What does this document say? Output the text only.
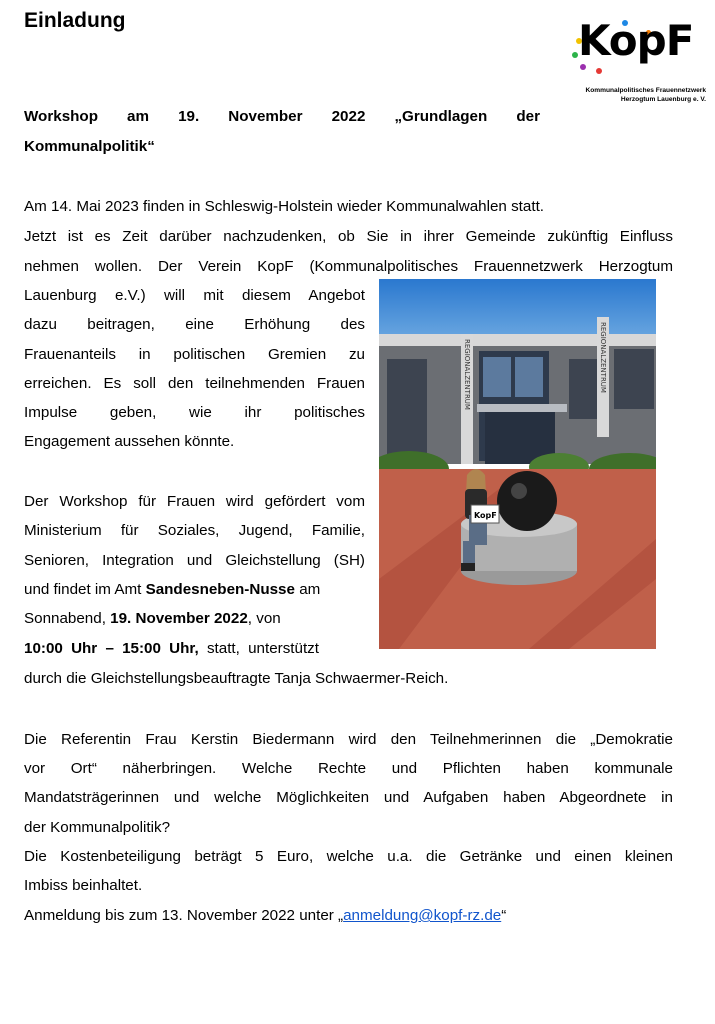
Einladung	KopF
Kommunalpolitisches Frauennetzwerk
Herzogtum Lauenburg e. V.
Workshop am 19. November 2022 „Grundlagen der
Kommunalpolitik“
Am 14. Mai 2023 finden in Schleswig-Holstein wieder Kommunalwahlen statt.
Jetzt ist es Zeit darüber nachzudenken, ob Sie in ihrer Gemeinde zukünftig Einfluss
nehmen wollen. Der Verein KopF (Kommunalpolitisches Frauennetzwerk Herzogtum
Lauenburg e.V.) will mit diesem Angebot
dazu beitragen, eine Erhöhung des
Frauenanteils in politischen Gremien zu
erreichen. Es soll den teilnehmenden Frauen
Impulse geben, wie ihr politisches
Engagement aussehen könnte.
Der Workshop für Frauen wird gefördert vom
Ministerium für Soziales, Jugend, Familie,
Senioren, Integration und Gleichstellung (SH)
und findet im Amt Sandesneben-Nusse am
Sonnabend, 19. November 2022, von
10:00 Uhr – 15:00 Uhr, statt, unterstützt
durch die Gleichstellungsbeauftragte Tanja Schwaermer-Reich.
REGIONALZENTRUM	REGIONALZENTRUM
KopF
Die Referentin Frau Kerstin Biedermann wird den Teilnehmerinnen die „Demokratie
vor Ort“ näherbringen. Welche Rechte und Pflichten haben kommunale
Mandatsträgerinnen und welche Möglichkeiten und Aufgaben haben Abgeordnete in
der Kommunalpolitik?
Die Kostenbeteiligung beträgt 5 Euro, welche u.a. die Getränke und einen kleinen
Imbiss beinhaltet.
Anmeldung bis zum 13. November 2022 unter „anmeldung@kopf-rz.de“
